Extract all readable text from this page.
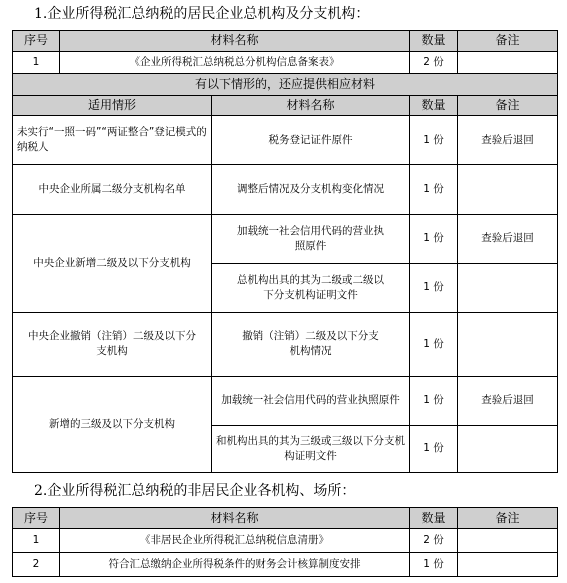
1.企业所得税汇总纳税的居民企业总机构及分支机构：
序号	材料名称		数量	备注
1	《企业所得税汇总纳税总分机构信息备案表》		2 份	
有以下情形的，还应提供相应材料				
适用情形		材料名称	数量	备注
未实行“一照一码”“两证整合”登记模式的纳税人		税务登记证件原件	1 份	查验后退回
中央企业所属二级分支机构名单		调整后情况及分支机构变化情况	1 份	
中央企业新增二级及以下分支机构		加载统一社会信用代码的营业执照原件	1 份	查验后退回
		总机构出具的其为二级或二级以下分支机构证明文件	1 份	
中央企业撤销（注销）二级及以下分支机构		撤销（注销）二级及以下分支机构情况	1 份	
新增的三级及以下分支机构		加载统一社会信用代码的营业执照原件	1 份	查验后退回
		和机构出具的其为三级或三级以下分支机构证明文件	1 份	
2.企业所得税汇总纳税的非居民企业各机构、场所：
序号	材料名称	数量	备注
1	《非居民企业所得税汇总纳税信息清册》	2 份	
2	符合汇总缴纳企业所得税条件的财务会计核算制度安排	1 份	
